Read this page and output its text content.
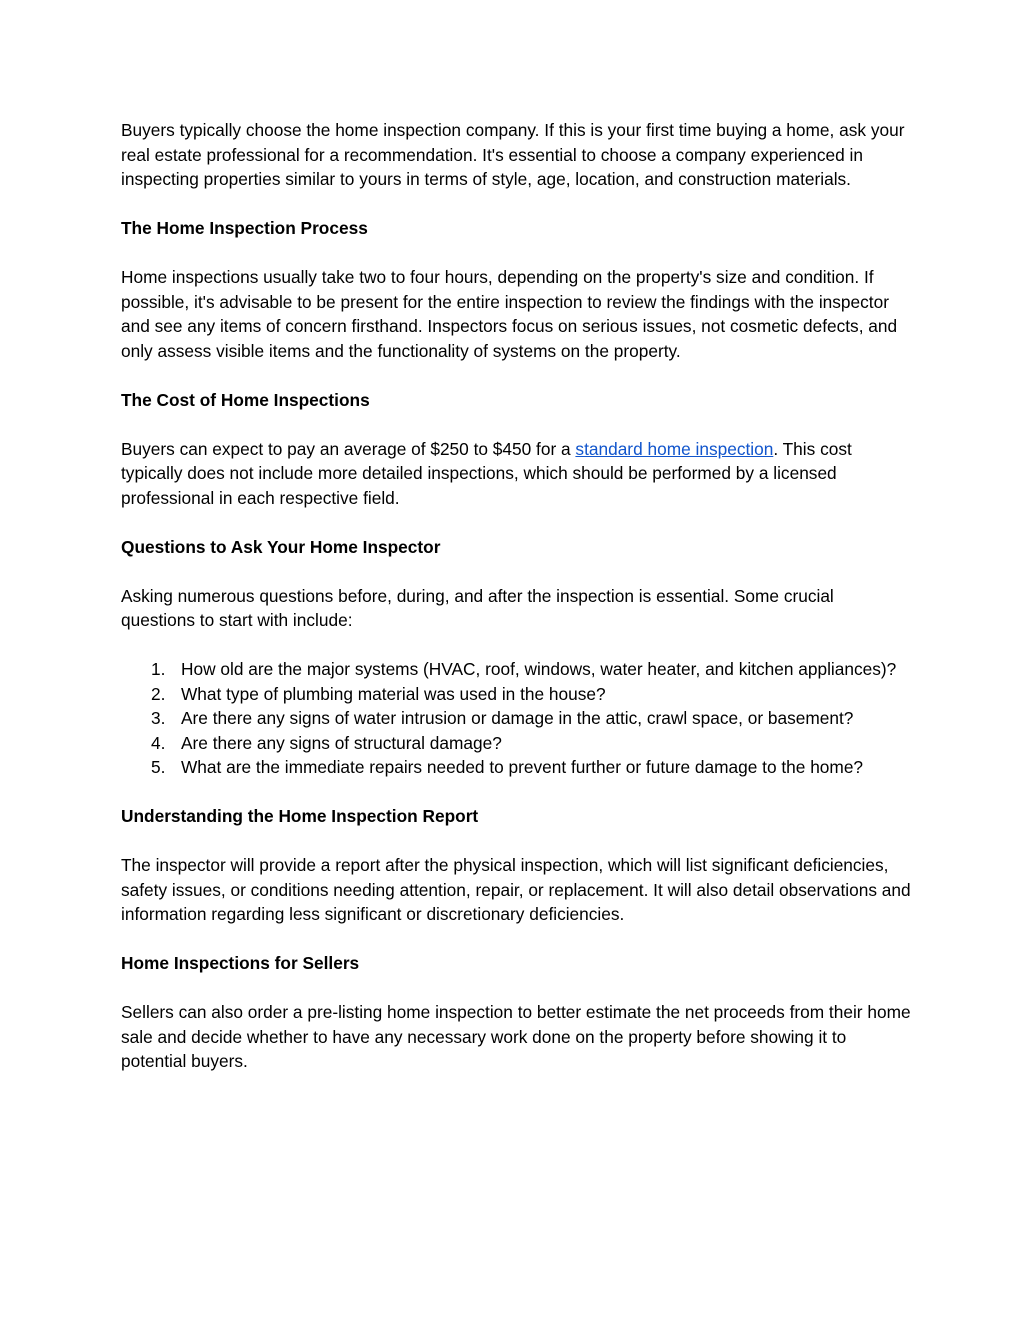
Buyers typically choose the home inspection company. If this is your first time buying a home, ask your real estate professional for a recommendation. It's essential to choose a company experienced in inspecting properties similar to yours in terms of style, age, location, and construction materials.

The Home Inspection Process

Home inspections usually take two to four hours, depending on the property's size and condition. If possible, it's advisable to be present for the entire inspection to review the findings with the inspector and see any items of concern firsthand. Inspectors focus on serious issues, not cosmetic defects, and only assess visible items and the functionality of systems on the property.

The Cost of Home Inspections

Buyers can expect to pay an average of $250 to $450 for a standard home inspection. This cost typically does not include more detailed inspections, which should be performed by a licensed professional in each respective field.

Questions to Ask Your Home Inspector

Asking numerous questions before, during, and after the inspection is essential. Some crucial questions to start with include:

1. How old are the major systems (HVAC, roof, windows, water heater, and kitchen appliances)?
2. What type of plumbing material was used in the house?
3. Are there any signs of water intrusion or damage in the attic, crawl space, or basement?
4. Are there any signs of structural damage?
5. What are the immediate repairs needed to prevent further or future damage to the home?
Understanding the Home Inspection Report

The inspector will provide a report after the physical inspection, which will list significant deficiencies, safety issues, or conditions needing attention, repair, or replacement. It will also detail observations and information regarding less significant or discretionary deficiencies.

Home Inspections for Sellers

Sellers can also order a pre-listing home inspection to better estimate the net proceeds from their home sale and decide whether to have any necessary work done on the property before showing it to potential buyers.
